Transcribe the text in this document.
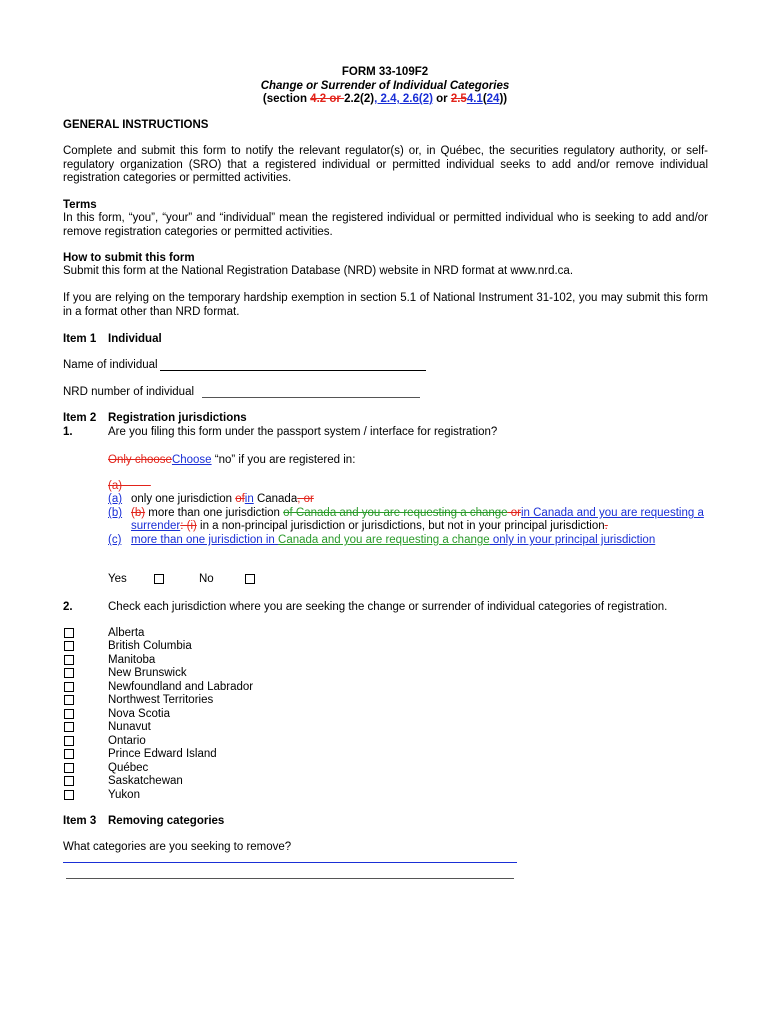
FORM 33-109F2
Change or Surrender of Individual Categories
(section 4.2 or 2.2(2), 2.4, 2.6(2) or 2.54.1(24))
GENERAL INSTRUCTIONS
Complete and submit this form to notify the relevant regulator(s) or, in Québec, the securities regulatory authority, or self-regulatory organization (SRO) that a registered individual or permitted individual seeks to add and/or remove individual registration categories or permitted activities.
Terms
In this form, “you”, “your” and “individual” mean the registered individual or permitted individual who is seeking to add and/or remove registration categories or permitted activities.
How to submit this form
Submit this form at the National Registration Database (NRD) website in NRD format at www.nrd.ca.
If you are relying on the temporary hardship exemption in section 5.1 of National Instrument 31-102, you may submit this form in a format other than NRD format.
Item 1 Individual
Name of individual
NRD number of individual
Item 2 Registration jurisdictions
1.	Are you filing this form under the passport system / interface for registration?
Only chooseChoose “no” if you are registered in:
(a)
(a) only one jurisdiction ofin Canada, or
(b) (b) more than one jurisdiction of Canada and you are requesting a change orin Canada and you are requesting a
surrender: (i) in a non-principal jurisdiction or jurisdictions, but not in your principal jurisdiction.
(c) more than one jurisdiction in Canada and you are requesting a change only in your principal jurisdiction
Yes	No
2.	Check each jurisdiction where you are seeking the change or surrender of individual categories of registration.
Alberta
British Columbia
Manitoba
New Brunswick
Newfoundland and Labrador
Northwest Territories
Nova Scotia
Nunavut
Ontario
Prince Edward Island
Québec
Saskatchewan
Yukon
Item 3 Removing categories
What categories are you seeking to remove?
